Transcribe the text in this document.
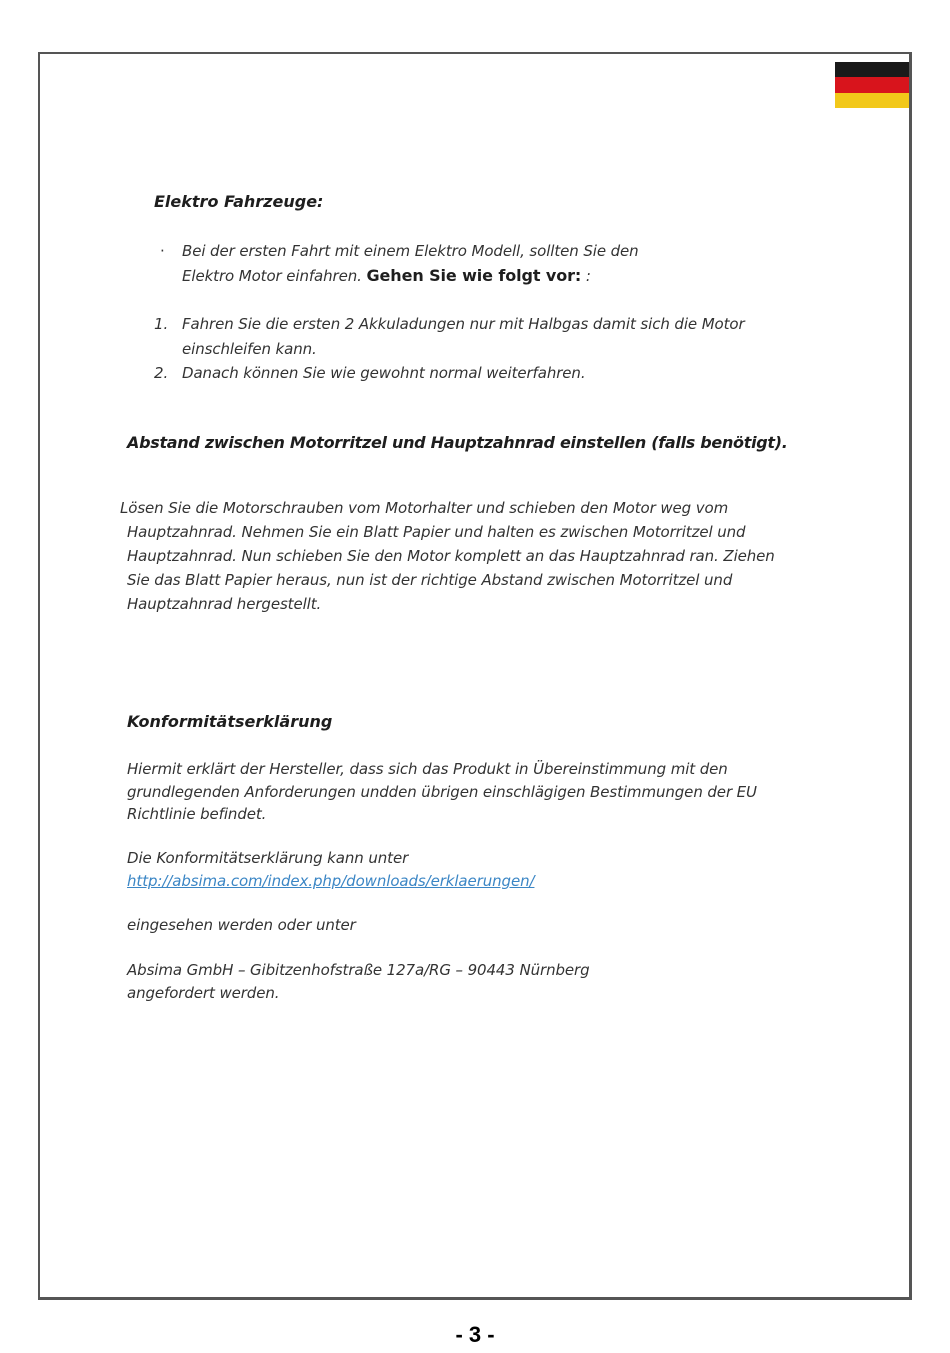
Elektro Fahrzeuge:
· Bei der ersten Fahrt mit einem Elektro Modell, sollten Sie den
Elektro Motor einfahren. Gehen Sie wie folgt vor: :
1. Fahren Sie die ersten 2 Akkuladungen nur mit Halbgas damit sich die Motor
einschleifen kann.
2. Danach können Sie wie gewohnt normal weiterfahren.
Abstand zwischen Motorritzel und Hauptzahnrad einstellen (falls benötigt).
Lösen Sie die Motorschrauben vom Motorhalter und schieben den Motor weg vom
Hauptzahnrad. Nehmen Sie ein Blatt Papier und halten es zwischen Motorritzel und
Hauptzahnrad. Nun schieben Sie den Motor komplett an das Hauptzahnrad ran. Ziehen
Sie das Blatt Papier heraus, nun ist der richtige Abstand zwischen Motorritzel und
Hauptzahnrad hergestellt.
Konformitätserklärung
Hiermit erklärt der Hersteller, dass sich das Produkt in Übereinstimmung mit den
grundlegenden Anforderungen undden übrigen einschlägigen Bestimmungen der EU
Richtlinie befindet.
Die Konformitätserklärung kann unter
http://absima.com/index.php/downloads/erklaerungen/
eingesehen werden oder unter
Absima GmbH – Gibitzenhofstraße 127a/RG – 90443 Nürnberg
angefordert werden.
- 3 -
